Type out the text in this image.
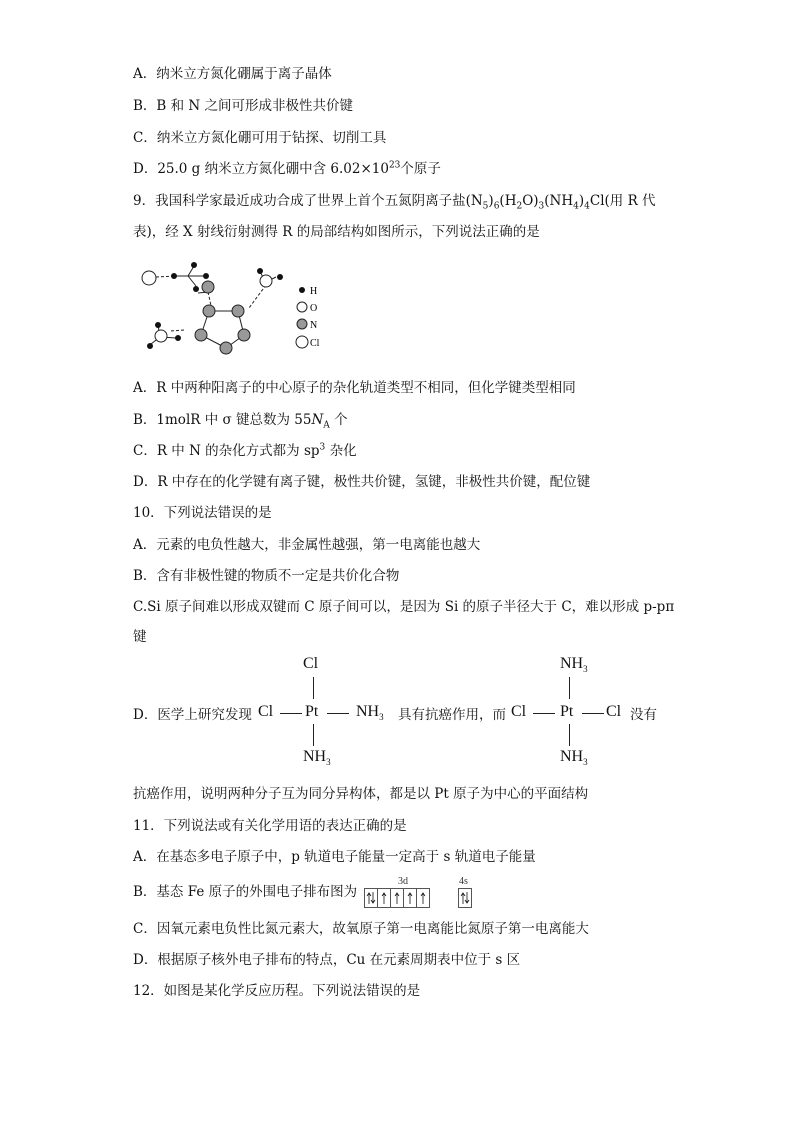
A．纳米立方氮化硼属于离子晶体
B．B 和 N 之间可形成非极性共价键
C．纳米立方氮化硼可用于钻探、切削工具
D．25.0 g 纳米立方氮化硼中含 $6.02\times 10^{23}$个原子
9．我国科学家最近成功合成了世界上首个五氮阴离子盐$(N_5)_6(H_2O)_3(NH_4)_4Cl$(用 R 代
表)，经 X 射线衍射测得 R 的局部结构如图所示，下列说法正确的是
H
O
N
Cl
A．R 中两种阳离子的中心原子的杂化轨道类型不相同，但化学键类型相同
B．1molR 中 σ 键总数为 $55N_A$ 个
C．R 中 N 的杂化方式都为 $sp^3$ 杂化
D．R 中存在的化学键有离子键，极性共价键，氢键，非极性共价键，配位键
10．下列说法错误的是
A．元素的电负性越大，非金属性越强，第一电离能也越大
B．含有非极性键的物质不一定是共价化合物
C.Si 原子间难以形成双键而 C 原子间可以，是因为 Si 的原子半径大于 C，难以形成 p-pπ
键
D．医学上研究发现
Cl
Cl Pt $NH_3$
$NH_3$
具有抗癌作用，而
$NH_3$
Cl Pt Cl
$NH_3$
没有
抗癌作用，说明两种分子互为同分异构体，都是以 Pt 原子为中心的平面结构
11．下列说法或有关化学用语的表达正确的是
A．在基态多电子原子中，p 轨道电子能量一定高于 s 轨道电子能量
B．基态 Fe 原子的外围电子排布图为
3d	4s
C．因氧元素电负性比氮元素大，故氧原子第一电离能比氮原子第一电离能大
D．根据原子核外电子排布的特点，Cu 在元素周期表中位于 s 区
12．如图是某化学反应历程。下列说法错误的是
